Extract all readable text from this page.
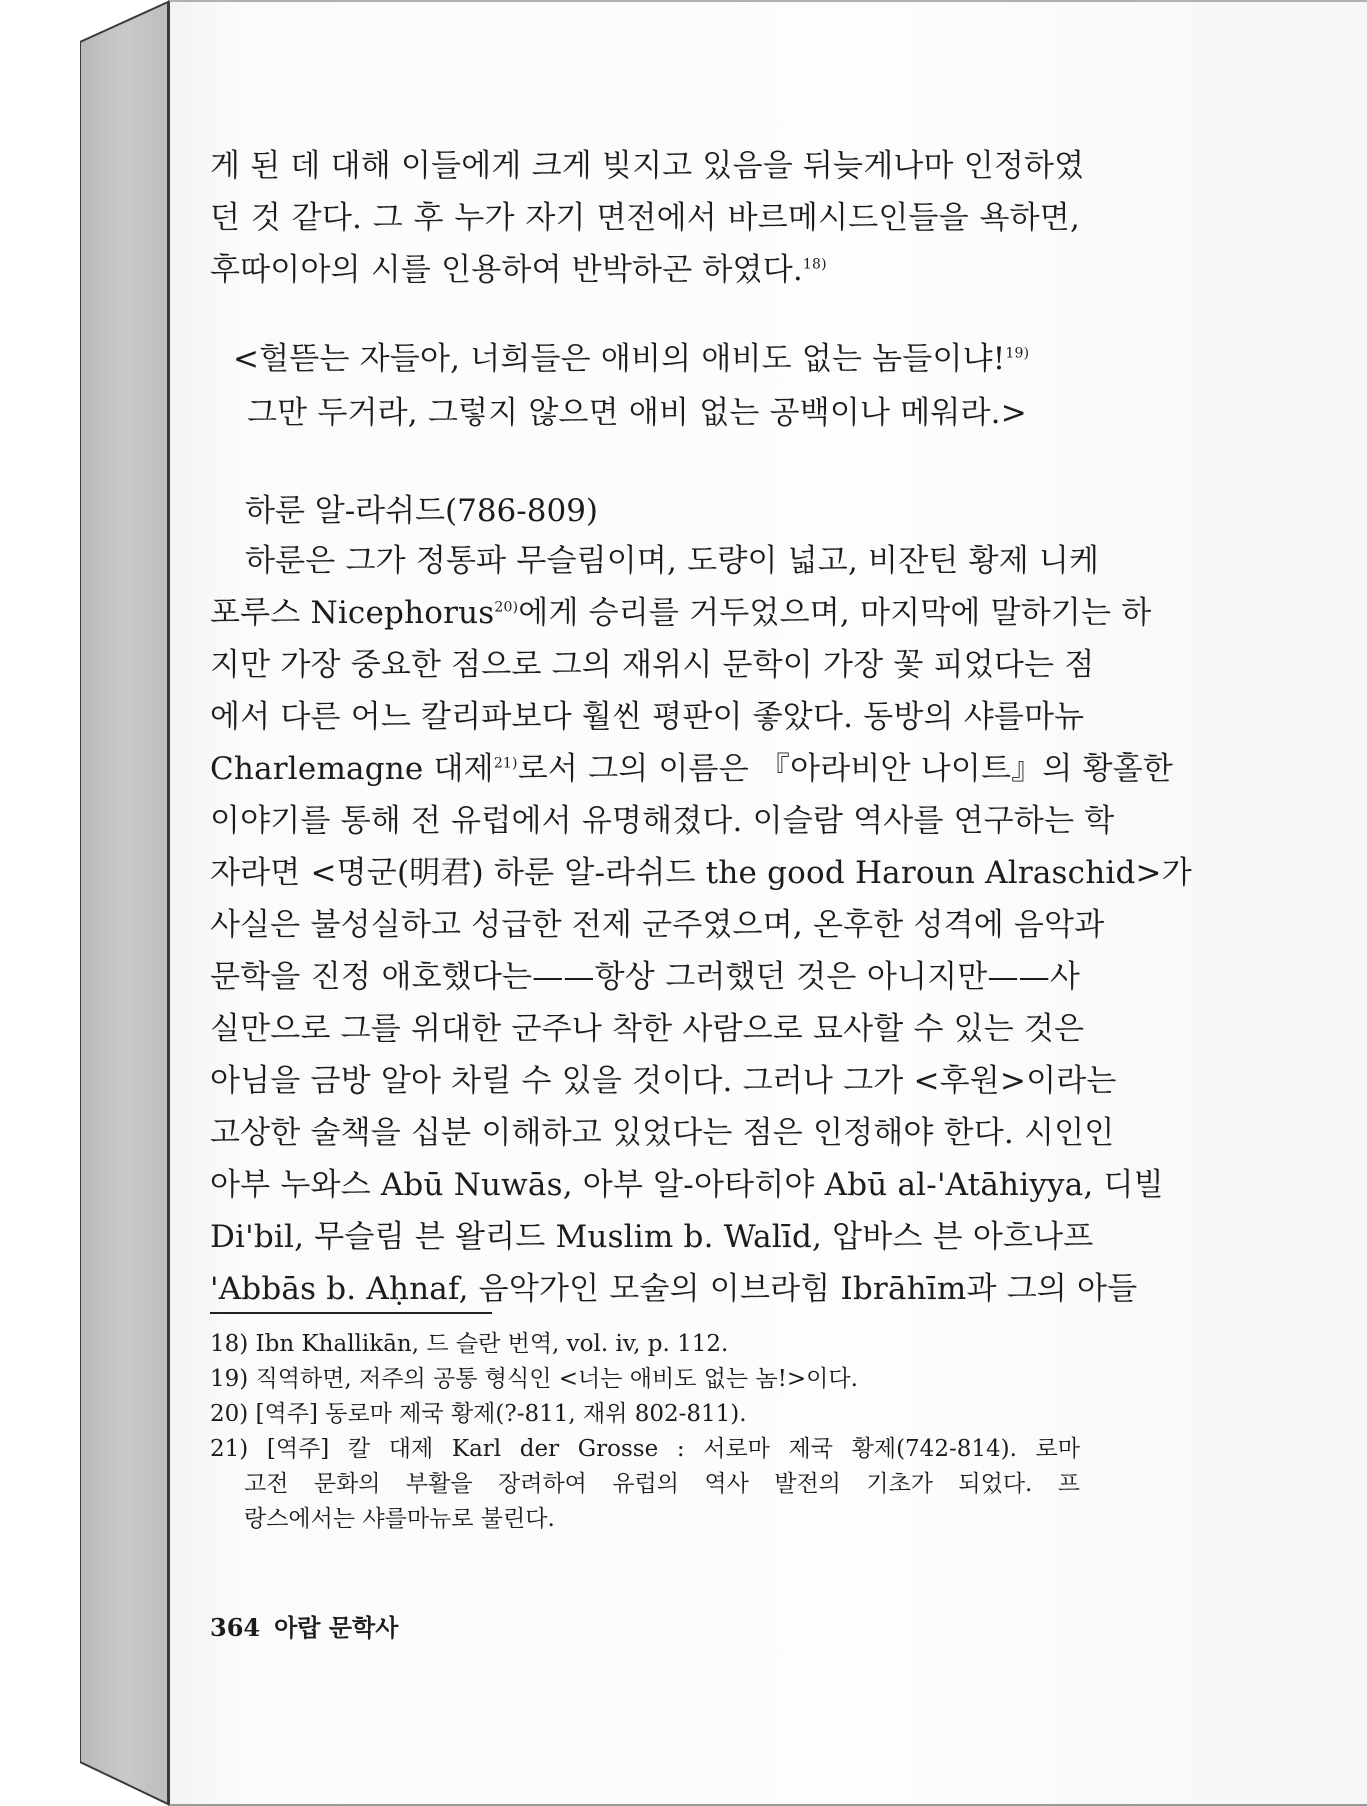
게 된 데 대해 이들에게 크게 빚지고 있음을 뒤늦게나마 인정하였
던 것 같다. 그 후 누가 자기 면전에서 바르메시드인들을 욕하면,
후따이아의 시를 인용하여 반박하곤 하였다.$^{18)}$
<헐뜯는 자들아, 너희들은 애비의 애비도 없는 놈들이냐!$^{19)}$
그만 두거라, 그렇지 않으면 애비 없는 공백이나 메워라.>
하룬 알-라쉬드(786-809)
하룬은 그가 정통파 무슬림이며, 도량이 넓고, 비잔틴 황제 니케
포루스 Nicephorus$^{20)}$에게 승리를 거두었으며, 마지막에 말하기는 하
지만 가장 중요한 점으로 그의 재위시 문학이 가장 꽃 피었다는 점
에서 다른 어느 칼리파보다 훨씬 평판이 좋았다. 동방의 샤를마뉴
Charlemagne 대제$^{21)}$로서 그의 이름은 『아라비안 나이트』의 황홀한
이야기를 통해 전 유럽에서 유명해졌다. 이슬람 역사를 연구하는 학
자라면 <명군(明君) 하룬 알-라쉬드 the good Haroun Alraschid>가
사실은 불성실하고 성급한 전제 군주였으며, 온후한 성격에 음악과
문학을 진정 애호했다는——항상 그러했던 것은 아니지만——사
실만으로 그를 위대한 군주나 착한 사람으로 묘사할 수 있는 것은
아님을 금방 알아 차릴 수 있을 것이다. 그러나 그가 <후원>이라는
고상한 술책을 십분 이해하고 있었다는 점은 인정해야 한다. 시인인
아부 누와스 Abū Nuwās, 아부 알-아타히야 Abū al-'Atāhiyya, 디빌
Di'bil, 무슬림 븐 왈리드 Muslim b. Walīd, 압바스 븐 아흐나프
'Abbās b. Aḥnaf, 음악가인 모술의 이브라힘 Ibrāhīm과 그의 아들
18) Ibn Khallikān, 드 슬란 번역, vol. iv, p. 112.
19) 직역하면, 저주의 공통 형식인 <너는 애비도 없는 놈!>이다.
20) [역주] 동로마 제국 황제(?-811, 재위 802-811).
21) [역주] 칼 대제 Karl der Grosse : 서로마 제국 황제(742-814). 로마
고전 문화의 부활을 장려하여 유럽의 역사 발전의 기초가 되었다. 프
랑스에서는 샤를마뉴로 불린다.
364 아랍 문학사
